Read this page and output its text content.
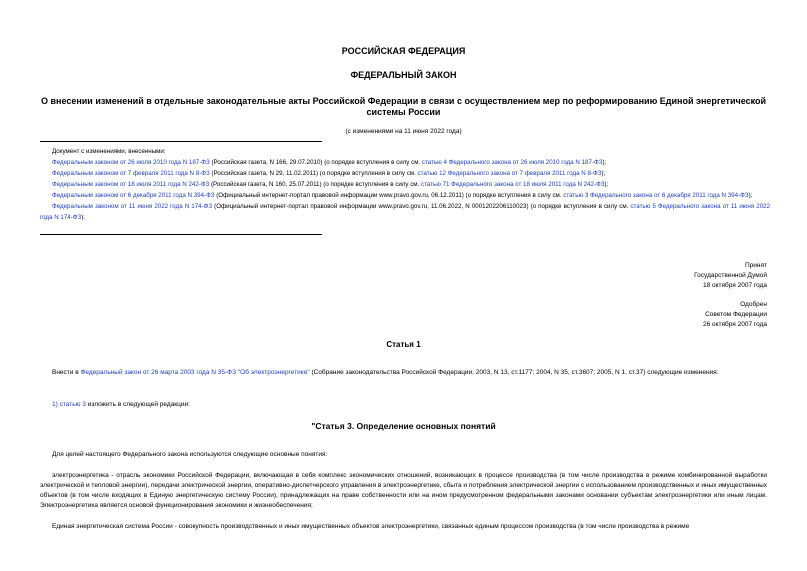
РОССИЙСКАЯ ФЕДЕРАЦИЯ
ФЕДЕРАЛЬНЫЙ ЗАКОН
О внесении изменений в отдельные законодательные акты Российской Федерации в связи с осуществлением мер по реформированию Единой энергетической системы России
(с изменениями на 11 июня 2022 года)

Документ с изменениями, внесенными:

Федеральным законом от 26 июля 2010 года N 187-ФЗ (Российская газета, N 166, 29.07.2010) (о порядке вступления в силу см. статью 4 Федерального закона от 26 июля 2010 года N 187-ФЗ);

Федеральным законом от 7 февраля 2011 года N 8-ФЗ (Российская газета, N 29, 11.02.2011) (о порядке вступления в силу см. статью 12 Федерального закона от 7 февраля 2011 года N 8-ФЗ);

Федеральным законом от 18 июля 2011 года N 242-ФЗ (Российская газета, N 160, 25.07.2011) (о порядке вступления в силу см. статью 71 Федерального закона от 18 июля 2011 года N 242-ФЗ);

Федеральным законом от 6 декабря 2011 года N 394-ФЗ (Официальный интернет-портал правовой информации www.pravo.gov.ru, 06.12.2011) (о порядке вступления в силу см. статью 3 Федерального закона от 6 декабря 2011 года N 394-ФЗ);

Федеральным законом от 11 июня 2022 года N 174-ФЗ (Официальный интернет-портал правовой информации www.pravo.gov.ru, 11.06.2022, N 0001202206110023) (о порядке вступления в силу см. статью 5 Федерального закона от 11 июня 2022 года N 174-ФЗ).

Принят
Государственной Думой
18 октября 2007 года
Одобрен
Советом Федерации
26 октября 2007 года
Статья 1

Внести в Федеральный закон от 26 марта 2003 года N 35-ФЗ "Об электроэнергетике" (Собрание законодательства Российской Федерации, 2003, N 13, ст.1177; 2004, N 35, ст.3607; 2005, N 1, ст.37) следующие изменения:

1) статью 3 изложить в следующей редакции:

"Статья 3. Определение основных понятий

Для целей настоящего Федерального закона используются следующие основные понятия:

электроэнергетика - отрасль экономики Российской Федерации, включающая в себя комплекс экономических отношений, возникающих в процессе производства (в том числе производства в режиме комбинированной выработки электрической и тепловой энергии), передачи электрической энергии, оперативно-диспетчерского управления в электроэнергетике, сбыта и потребления электрической энергии с использованием производственных и иных имущественных объектов (в том числе входящих в Единую энергетическую систему России), принадлежащих на праве собственности или на ином предусмотренном федеральными законами основании субъектам электроэнергетики или иным лицам. Электроэнергетика является основой функционирования экономики и жизнеобеспечения;

Единая энергетическая система России - совокупность производственных и иных имущественных объектов электроэнергетики, связанных единым процессом производства (в том числе производства в режиме
